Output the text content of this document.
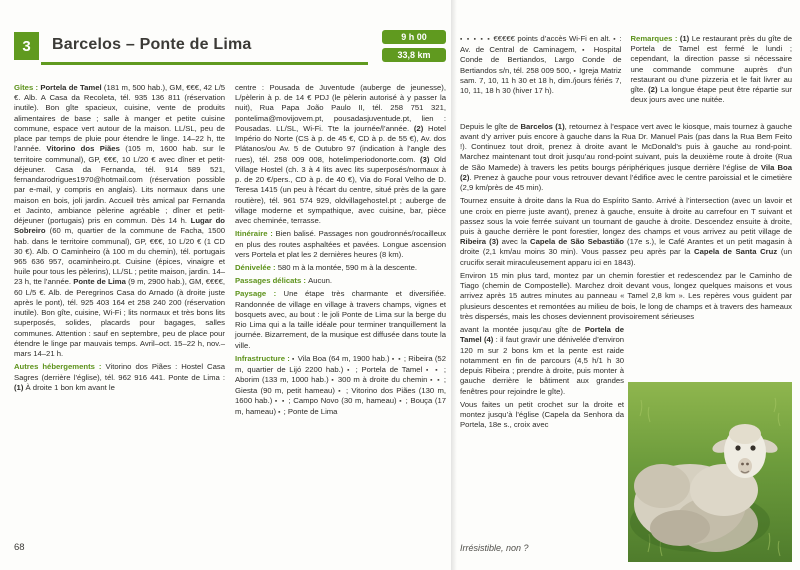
3	Barcelos – Ponte de Lima	9 h 00
33,8 km

Gîtes : Portela de Tamel (181 m, 500 hab.), GM, €€€, 42 L/5 €. Alb. A Casa da Recoleta, tél. 935 136 811 (réservation inutile). Bon gîte spacieux, cuisine, vente de produits alimentaires de base ; salle à manger et petite cuisine commune, espace vert autour de la maison. LL/SL, peu de place par temps de pluie pour étendre le linge. 14–22 h, tte l’année. Vitorino dos Piães (105 m, 1600 hab. sur le territoire communal), GP, €€€, 10 L/20 € avec dîner et petit-déjeuner. Casa da Fernanda, tél. 914 589 521, fernandarodrigues1970@hotmail.com (réservation possible par e-mail, y compris en anglais). Lits normaux dans une maison en bois, joli jardin. Accueil très amical par Fernanda et Jacinto, ambiance pèlerine agréable ; dîner et petit-déjeuner (portugais) pris en commun. Dès 14 h. Lugar do Sobreiro (60 m, quartier de la commune de Facha, 1500 hab. dans le territoire communal), GP, €€€, 10 L/20 € (1 CD 30 €). Alb. O Caminheiro (à 100 m du chemin), tél. portugais 965 636 957, ocaminheiro.pt. Cuisine (épices, vinaigre et huile pour tous les pèlerins), LL/SL ; petite maison, jardin. 14–23 h, tte l’année. Ponte de Lima (9 m, 2900 hab.), GM, €€€€, 60 L/5 €. Alb. de Peregrinos Casa do Arnado (à droite juste après le pont), tél. 925 403 164 et 258 240 200 (réservation inutile). Bon gîte, cuisine, Wi-Fi ; lits normaux et très bons lits superposés, solides, placards pour bagages, salles communes. Attention : sauf en septembre, peu de place pour étendre le linge par mauvais temps. Avril–oct. 15–22 h, nov.–mars 14–21 h.

Autres hébergements : Vitorino dos Piães : Hostel Casa Sagres (derrière l’église), tél. 962 916 441. Ponte de Lima : (1) À droite 1 bon km avant le

centre : Pousada de Juventude (auberge de jeunesse), L/pèlerin à p. de 14 € PDJ (le pèlerin autorisé à y passer la nuit), Rua Papa João Paulo II, tél. 258 751 321, pontelima@movijovem.pt, pousadasjuventude.pt, lien : Pousadas. LL/SL, Wi-Fi. Tte la journée/l’année. (2) Hotel Império do Norte (CS à p. de 45 €, CD à p. de 55 €), Av. dos Plátanos/ou Av. 5 de Outubro 97 (indication à l’angle des rues), tél. 258 009 008, hotelimperiodonorte.com. (3) Old Village Hostel (ch. 3 à 4 lits avec lits superposés/normaux à p. de 20 €/pers., CD à p. de 40 €), Via do Foral Velho de D. Teresa 1415 (un peu à l’écart du centre, situé près de la gare routière), tél. 961 574 929, oldvillagehostel.pt ; auberge de village moderne et sympathique, avec cuisine, bar, pièce avec cheminée, terrasse.

Itinéraire : Bien balisé. Passages non goudronnés/rocailleux en plus des routes asphaltées et pavées. Longue ascension vers Portela et plat les 2 dernières heures (8 km).

Dénivelée : 580 m à la montée, 590 m à la descente.

Passages délicats : Aucun.

Paysage : Une étape très charmante et diversifiée. Randonnée de village en village à travers champs, vignes et bosquets avec, au bout : le joli Ponte de Lima sur la berge du Rio Lima qui a la taille idéale pour terminer tranquillement la journée. Bizarrement, de la musique est diffusée dans toute la ville.

Infrastructure : ▪ Vila Boa (64 m, 1900 hab.) ▪ ▪ ; Ribeira (52 m, quartier de Lijó 2200 hab.) ▪ ; Portela de Tamel ▪ ▪ ; Aborim (133 m, 1000 hab.) ▪ 300 m à droite du chemin ▪ ▪ ; Giesta (90 m, petit hameau) ▪ ; Vitorino dos Piães (130 m, 1600 hab.) ▪ ▪ ; Campo Novo (30 m, hameau) ▪ ; Bouça (17 m, hameau) ▪ ; Ponte de Lima

68

▪ ▪ ▪ ▪ ▪ €€€€€ points d’accès Wi-Fi en alt. ▪ : Av. de Central de Caminagem, ▪ Hospital Conde de Bertiandos, Largo Conde de Bertiandos s/n, tél. 258 009 500, ▪ Igreja Matriz sam. 7, 10, 11 h 30 et 18 h, dim./jours fériés 7, 10, 11, 18 h 30 (hiver 17 h).

Remarques : (1) Le restaurant près du gîte de Portela de Tamel est fermé le lundi ; cependant, la direction passe si nécessaire une commande commune auprès d’un restaurant ou d’une pizzeria et le fait livrer au gîte. (2) La longue étape peut être répartie sur deux jours avec une nuitée.

Depuis le gîte de Barcelos (1), retournez à l’espace vert avec le kiosque, mais tournez à gauche avant d’y arriver puis encore à gauche dans la Rua Dr. Manuel Pais (pas dans la Rua Bem Feito !). Continuez tout droit, prenez à droite avant le McDonald’s puis à gauche au rond-point. Marchez maintenant tout droit jusqu’au rond-point suivant, puis la deuxième route à droite (Rua de São Mamede) à travers les petits bourgs périphériques jusque derrière l’église de Vila Boa (2). Prenez à gauche pour vous retrouver devant l’édifice avec le centre paroissial et le cimetière (2,9 km/près de 45 min).

Tournez ensuite à droite dans la Rua do Espírito Santo. Arrivé à l’intersection (avec un lavoir et une croix en pierre juste avant), prenez à gauche, ensuite à droite au carrefour en T suivant et passez sous la voie ferrée suivant un tournant de gauche à droite. Descendez ensuite à droite, puis à gauche derrière le pont forestier, longez des champs et vous arrivez au petit village de Ribeira (3) avec la Capela de São Sebastião (17e s.), le Café Arantes et un petit magasin à droite (2,1 km/au moins 30 min). Vous passez peu après par la Capela de Santa Cruz (un crucifix serait miraculeusement apparu ici en 1843).

Environ 15 min plus tard, montez par un chemin forestier et redescendez par le Caminho de Tiago (chemin de Compostelle). Marchez droit devant vous, longez quelques maisons et vous arrivez après 15 autres minutes au panneau « Tamel 2,8 km ». Les repères vous guident par plusieurs descentes et remontées au milieu de bois, le long de champs et à travers des hameaux très dispersés, mais les choses deviennent provisoirement sérieuses

avant la montée jusqu’au gîte de Portela de Tamel (4) : il faut gravir une dénivelée d’environ 120 m sur 2 bons km et la pente est raide notamment en fin de parcours (4,5 h/1 h 30 depuis Ribeira ; prendre à droite, puis monter à gauche derrière le bâtiment aux grandes fenêtres pour rejoindre le gîte).

Vous faites un petit crochet sur la droite et montez jusqu’à l’église (Capela da Senhora da Portela, 18e s., croix avec

Irrésistible, non ?
